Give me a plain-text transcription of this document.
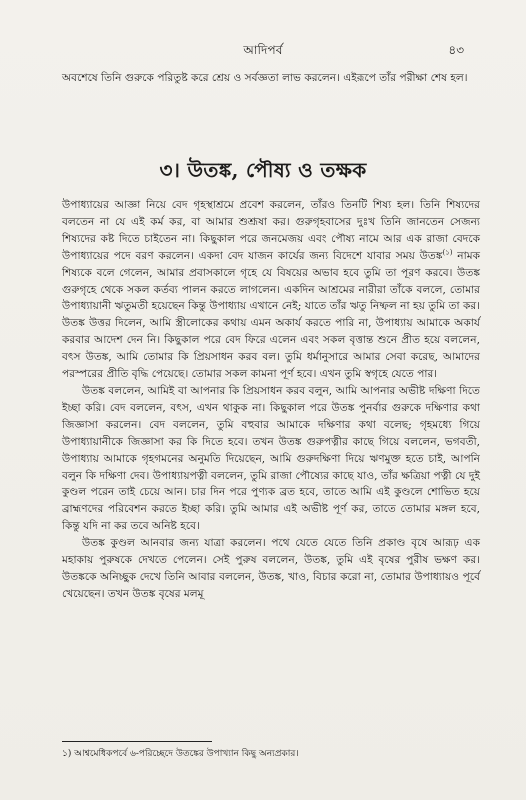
আদিপর্ব	৪৩

অবশেষে তিনি গুরুকে পরিতুষ্ট করে শ্রেয় ও সর্বজ্ঞতা লাভ করলেন। এইরূপে তাঁর পরীক্ষা শেষ হল।

৩। উতঙ্ক, পৌষ্য ও তক্ষক

উপাধ্যায়ের আজ্ঞা নিয়ে বেদ গৃহস্থাশ্রমে প্রবেশ করলেন, তাঁরও তিনটি শিষ্য হল। তিনি শিষ্যদের বলতেন না যে এই কর্ম কর, বা আমার শুশ্রূষা কর। গুরুগৃহবাসের দুঃখ তিনি জানতেন সেজন্য শিষ্যদের কষ্ট দিতে চাইতেন না। কিছুকাল পরে জনমেজয় এবং পৌষ্য নামে আর এক রাজা বেদকে উপাধ্যায়ের পদে বরণ করলেন। একদা বেদ যাজন কার্যের জন্য বিদেশে যাবার সময় উতঙ্ক$^{(১)}$ নামক শিষ্যকে বলে গেলেন, আমার প্রবাসকালে গৃহে যে বিষয়ের অভাব হবে তুমি তা পূরণ করবে। উতঙ্ক গুরুগৃহে থেকে সকল কর্তব্য পালন করতে লাগলেন। একদিন আশ্রমের নারীরা তাঁকে বললে, তোমার উপাধ্যায়ানী ঋতুমতী হয়েছেন কিন্তু উপাধ্যায় এখানে নেই; যাতে তাঁর ঋতু নিষ্ফল না হয় তুমি তা কর। উতঙ্ক উত্তর দিলেন, আমি স্ত্রীলোকের কথায় এমন অকার্য করতে পারি না, উপাধ্যায় আমাকে অকার্য করবার আদেশ দেন নি। কিছুকাল পরে বেদ ফিরে এলেন এবং সকল বৃত্তান্ত শুনে প্রীত হয়ে বললেন, বৎস উতঙ্ক, আমি তোমার কি প্রিয়সাধন করব বল। তুমি ধর্মানুসারে আমার সেবা করেছ, আমাদের পরস্পরের প্রীতি বৃদ্ধি পেয়েছে। তোমার সকল কামনা পূর্ণ হবে। এখন তুমি স্বগৃহে যেতে পার।

উতঙ্ক বললেন, আমিই বা আপনার কি প্রিয়সাধন করব বলুন, আমি আপনার অভীষ্ট দক্ষিণা দিতে ইচ্ছা করি। বেদ বললেন, বৎস, এখন থাকুক না। কিছুকাল পরে উতঙ্ক পুনর্বার গুরুকে দক্ষিণার কথা জিজ্ঞাসা করলেন। বেদ বললেন, তুমি বহুবার আমাকে দক্ষিণার কথা বলেছ; গৃহমধ্যে গিয়ে উপাধ্যায়ানীকে জিজ্ঞাসা কর কি দিতে হবে। তখন উতঙ্ক গুরুপত্নীর কাছে গিয়ে বললেন, ভগবতী, উপাধ্যায় আমাকে গৃহগমনের অনুমতি দিয়েছেন, আমি গুরুদক্ষিণা দিয়ে ঋণমুক্ত হতে চাই, আপনি বলুন কি দক্ষিণা দেব। উপাধ্যায়পত্নী বললেন, তুমি রাজা পৌষ্যের কাছে যাও, তাঁর ক্ষত্রিয়া পত্নী যে দুই কুণ্ডল পরেন তাই চেয়ে আন। চার দিন পরে পুণ্যক ব্রত হবে, তাতে আমি এই কুণ্ডলে শোভিত হয়ে ব্রাহ্মণদের পরিবেশন করতে ইচ্ছা করি। তুমি আমার এই অভীষ্ট পূর্ণ কর, তাতে তোমার মঙ্গল হবে, কিন্তু যদি না কর তবে অনিষ্ট হবে।

উতঙ্ক কুণ্ডল আনবার জন্য যাত্রা করলেন। পথে যেতে যেতে তিনি প্রকাণ্ড বৃষে আরূঢ় এক মহাকায় পুরুষকে দেখতে পেলেন। সেই পুরুষ বললেন, উতঙ্ক, তুমি এই বৃষের পুরীষ ভক্ষণ কর। উতঙ্ককে অনিচ্ছুক দেখে তিনি আবার বললেন, উতঙ্ক, খাও, বিচার করো না, তোমার উপাধ্যায়ও পূর্বে খেয়েছেন। তখন উতঙ্ক বৃষের মলমূ

১) আশ্বমেধিকপর্বে ৬-পরিচ্ছেদে উতঙ্কের উপাখ্যান কিছু অন্যপ্রকার।
